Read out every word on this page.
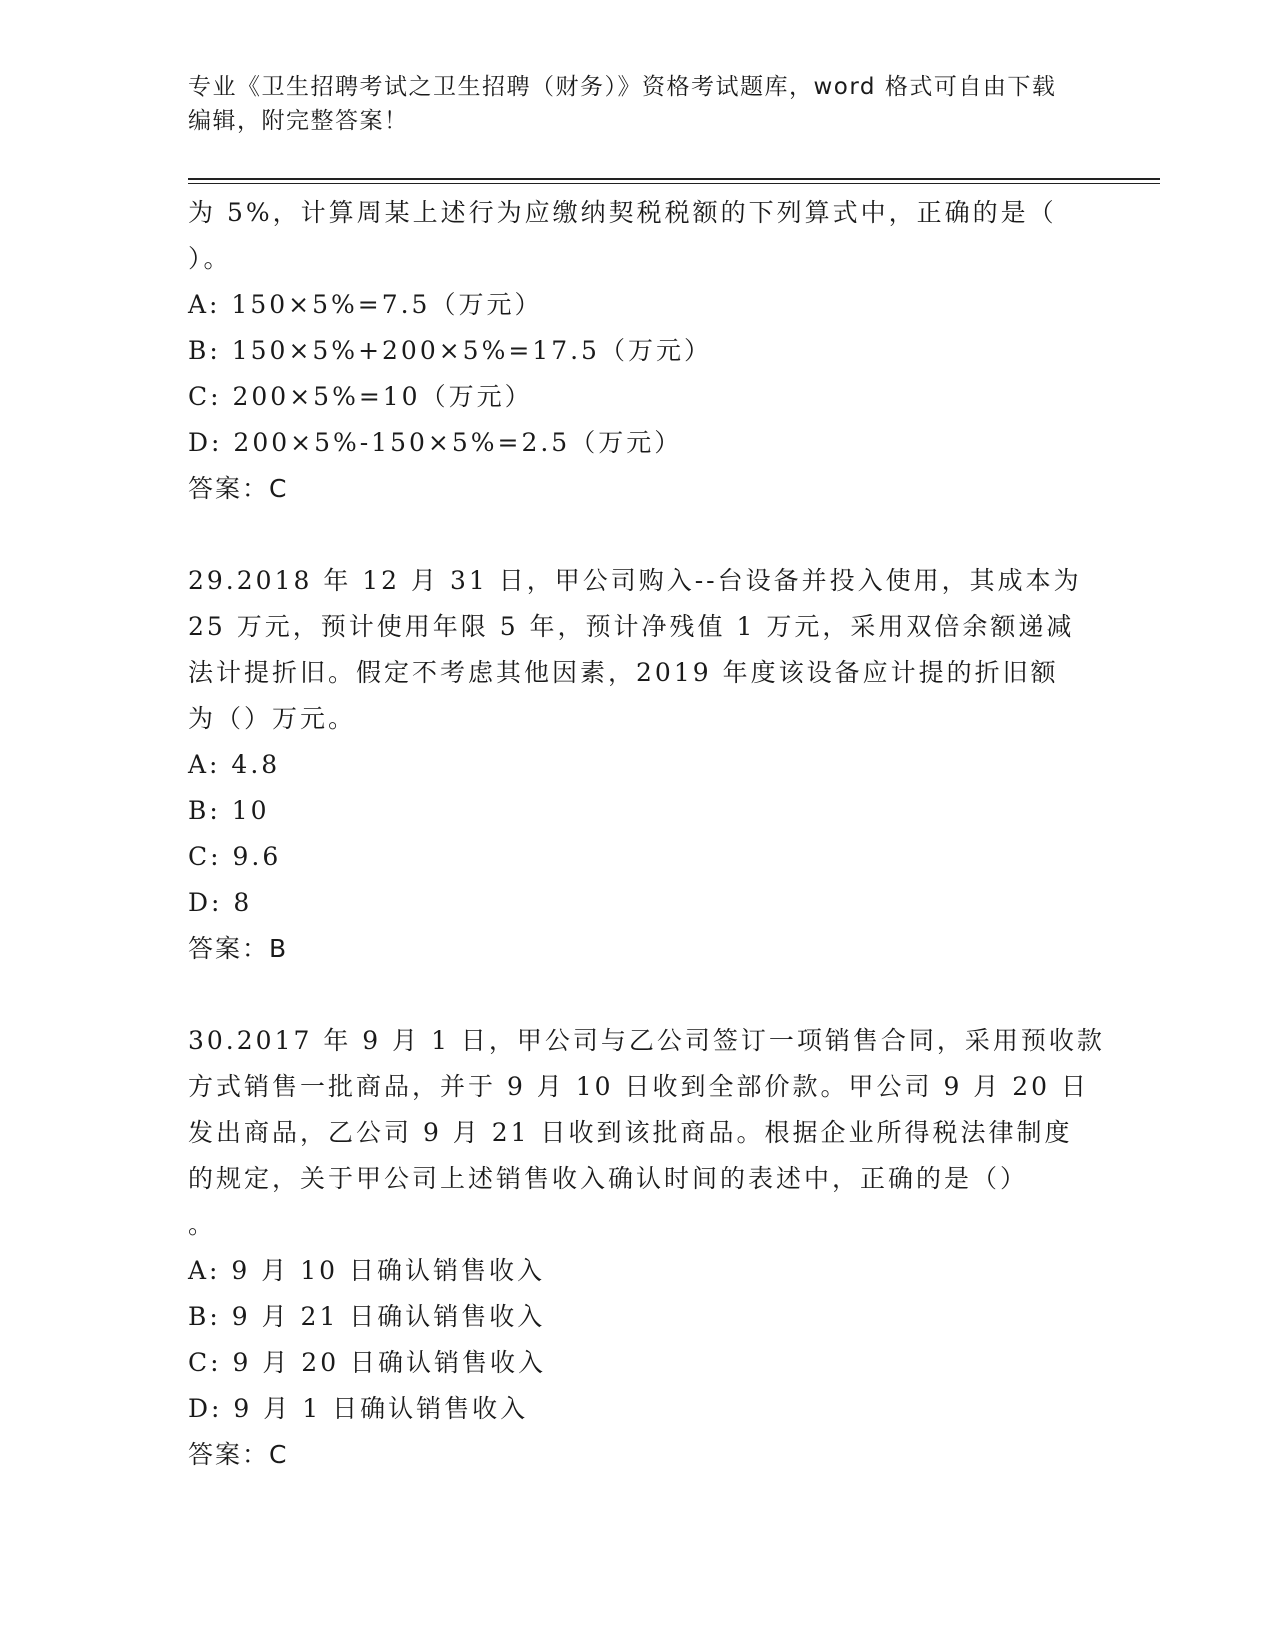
专业《卫生招聘考试之卫生招聘（财务）》资格考试题库，word 格式可自由下载
编辑，附完整答案！
为 5%，计算周某上述行为应缴纳契税税额的下列算式中，正确的是（
）。
A: 150×5%=7.5（万元）
B: 150×5%+200×5%=17.5（万元）
C: 200×5%=10（万元）
D: 200×5%-150×5%=2.5（万元）
答案：C
29.2018 年 12 月 31 日，甲公司购入--台设备并投入使用，其成本为
25 万元，预计使用年限 5 年，预计净残值 1 万元，采用双倍余额递减
法计提折旧。假定不考虑其他因素，2019 年度该设备应计提的折旧额
为（）万元。
A: 4.8
B: 10
C: 9.6
D: 8
答案：B
30.2017 年 9 月 1 日，甲公司与乙公司签订一项销售合同，采用预收款
方式销售一批商品，并于 9 月 10 日收到全部价款。甲公司 9 月 20 日
发出商品，乙公司 9 月 21 日收到该批商品。根据企业所得税法律制度
的规定，关于甲公司上述销售收入确认时间的表述中，正确的是（）
。
A: 9 月 10 日确认销售收入
B: 9 月 21 日确认销售收入
C: 9 月 20 日确认销售收入
D: 9 月 1 日确认销售收入
答案：C
